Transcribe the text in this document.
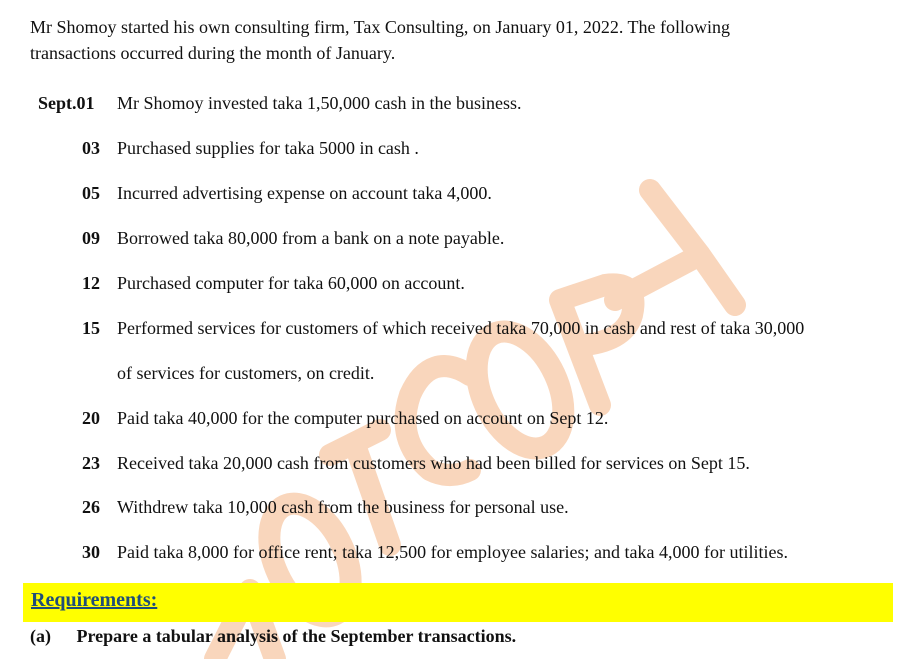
Mr Shomoy started his own consulting firm, Tax Consulting, on January 01, 2022. The following
transactions occurred during the month of January.
Sept.01	Mr Shomoy invested taka 1,50,000 cash in the business.
03 Purchased supplies for taka 5000 in cash .
05 Incurred advertising expense on account taka 4,000.
09 Borrowed taka 80,000 from a bank on a note payable.
12 Purchased computer for taka 60,000 on account.
15 Performed services for customers of which received taka 70,000 in cash and rest of taka 30,000
of services for customers, on credit.
20 Paid taka 40,000 for the computer purchased on account on Sept 12.
23 Received taka 20,000 cash from customers who had been billed for services on Sept 15.
26 Withdrew taka 10,000 cash from the business for personal use.
30 Paid taka 8,000 for office rent; taka 12,500 for employee salaries; and taka 4,000 for utilities.
Requirements:
(a) Prepare a tabular analysis of the September transactions.
